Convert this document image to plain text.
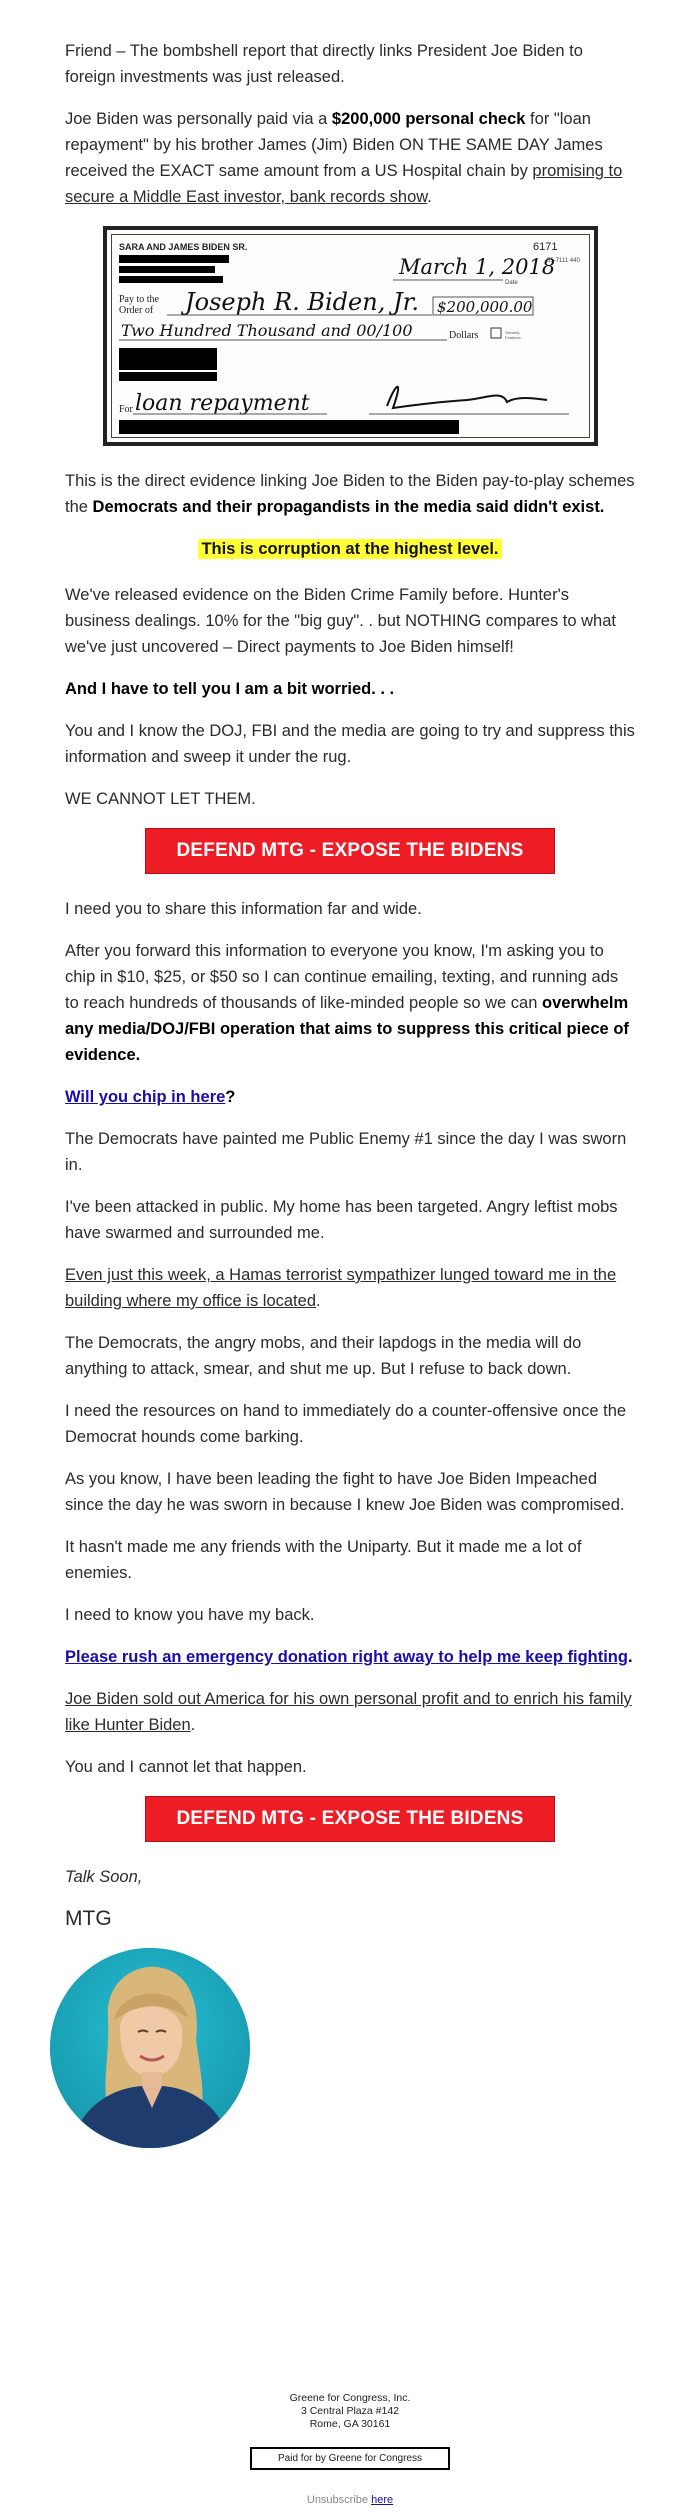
Friend – The bombshell report that directly links President Joe Biden to foreign investments was just released.

Joe Biden was personally paid via a $200,000 personal check for "loan repayment" by his brother James (Jim) Biden ON THE SAME DAY James received the EXACT same amount from a US Hospital chain by promising to secure a Middle East investor, bank records show.

SARA AND JAMES BIDEN SR.	6171
55-7111 440
March 1, 2018
Date
Pay to the
Order of Joseph R. Biden, Jr. $200,000.00
Two Hundred Thousand and 00/100	Dollars	Security
Features
For loan repayment

This is the direct evidence linking Joe Biden to the Biden pay-to-play schemes the Democrats and their propagandists in the media said didn't exist.

This is corruption at the highest level.

We've released evidence on the Biden Crime Family before. Hunter's business dealings. 10% for the "big guy". . but NOTHING compares to what we've just uncovered – Direct payments to Joe Biden himself!

And I have to tell you I am a bit worried. . .

You and I know the DOJ, FBI and the media are going to try and suppress this information and sweep it under the rug.

WE CANNOT LET THEM.

DEFEND MTG - EXPOSE THE BIDENS

I need you to share this information far and wide.

After you forward this information to everyone you know, I'm asking you to chip in $10, $25, or $50 so I can continue emailing, texting, and running ads to reach hundreds of thousands of like-minded people so we can overwhelm any media/DOJ/FBI operation that aims to suppress this critical piece of evidence.

Will you chip in here?

The Democrats have painted me Public Enemy #1 since the day I was sworn in.

I've been attacked in public. My home has been targeted. Angry leftist mobs have swarmed and surrounded me.

Even just this week, a Hamas terrorist sympathizer lunged toward me in the building where my office is located.

The Democrats, the angry mobs, and their lapdogs in the media will do anything to attack, smear, and shut me up. But I refuse to back down.

I need the resources on hand to immediately do a counter-offensive once the Democrat hounds come barking.

As you know, I have been leading the fight to have Joe Biden Impeached since the day he was sworn in because I knew Joe Biden was compromised.

It hasn't made me any friends with the Uniparty. But it made me a lot of enemies.

I need to know you have my back.

Please rush an emergency donation right away to help me keep fighting.

Joe Biden sold out America for his own personal profit and to enrich his family like Hunter Biden.

You and I cannot let that happen.

DEFEND MTG - EXPOSE THE BIDENS

Talk Soon,

MTG

Greene for Congress, Inc.
3 Central Plaza #142
Rome, GA 30161
Paid for by Greene for Congress
Unsubscribe here
